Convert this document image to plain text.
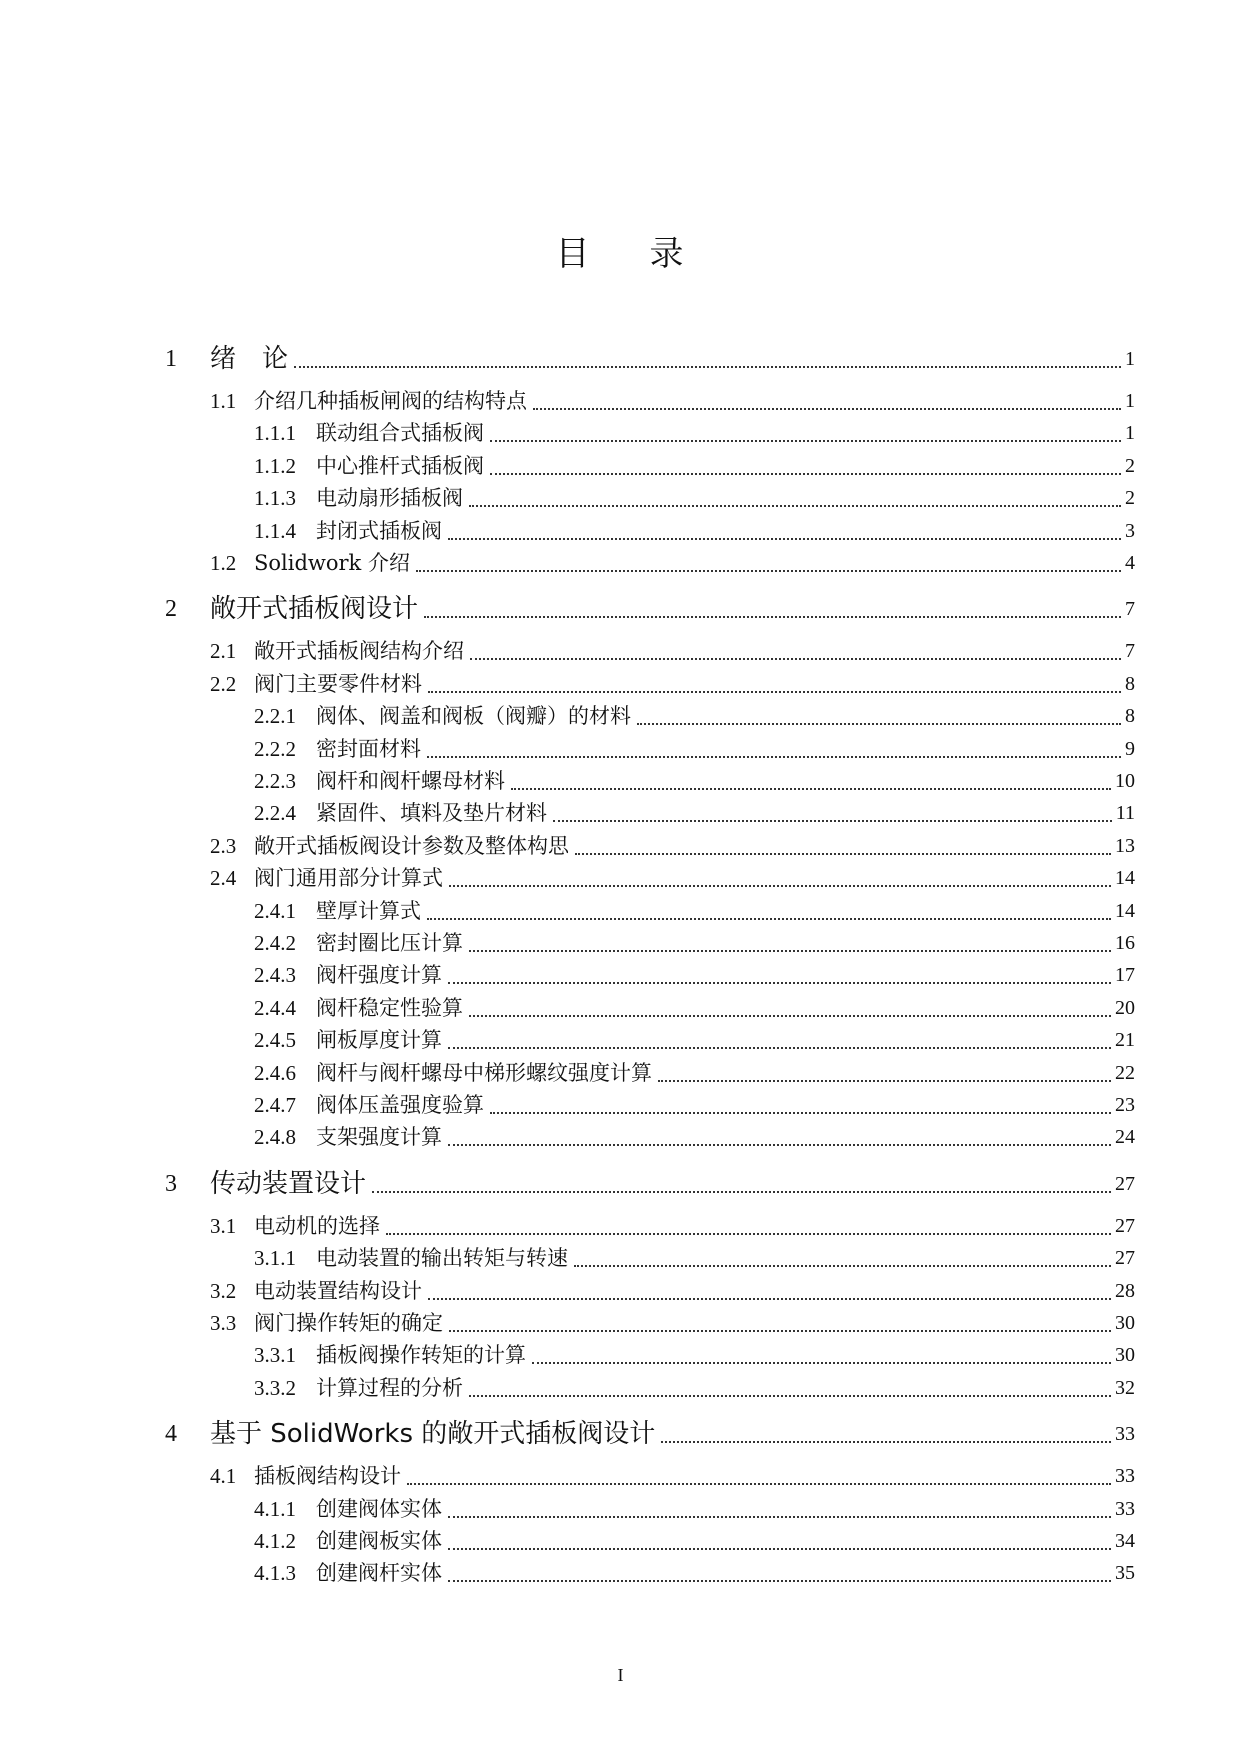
目 录
1 绪　论	1
1.1 介绍几种插板闸阀的结构特点	1
1.1.1 联动组合式插板阀	1
1.1.2 中心推杆式插板阀	2
1.1.3 电动扇形插板阀	2
1.1.4 封闭式插板阀	3
1.2 Solidwork 介绍	4
2 敞开式插板阀设计	7
2.1 敞开式插板阀结构介绍	7
2.2 阀门主要零件材料	8
2.2.1 阀体、阀盖和阀板（阀瓣）的材料	8
2.2.2 密封面材料	9
2.2.3 阀杆和阀杆螺母材料	10
2.2.4 紧固件、填料及垫片材料	11
2.3 敞开式插板阀设计参数及整体构思	13
2.4 阀门通用部分计算式	14
2.4.1 壁厚计算式	14
2.4.2 密封圈比压计算	16
2.4.3 阀杆强度计算	17
2.4.4 阀杆稳定性验算	20
2.4.5 闸板厚度计算	21
2.4.6 阀杆与阀杆螺母中梯形螺纹强度计算	22
2.4.7 阀体压盖强度验算	23
2.4.8 支架强度计算	24
3 传动装置设计	27
3.1 电动机的选择	27
3.1.1 电动装置的输出转矩与转速	27
3.2 电动装置结构设计	28
3.3 阀门操作转矩的确定	30
3.3.1 插板阀操作转矩的计算	30
3.3.2 计算过程的分析	32
4 基于 SolidWorks 的敞开式插板阀设计	33
4.1 插板阀结构设计	33
4.1.1 创建阀体实体	33
4.1.2 创建阀板实体	34
4.1.3 创建阀杆实体	35
I
